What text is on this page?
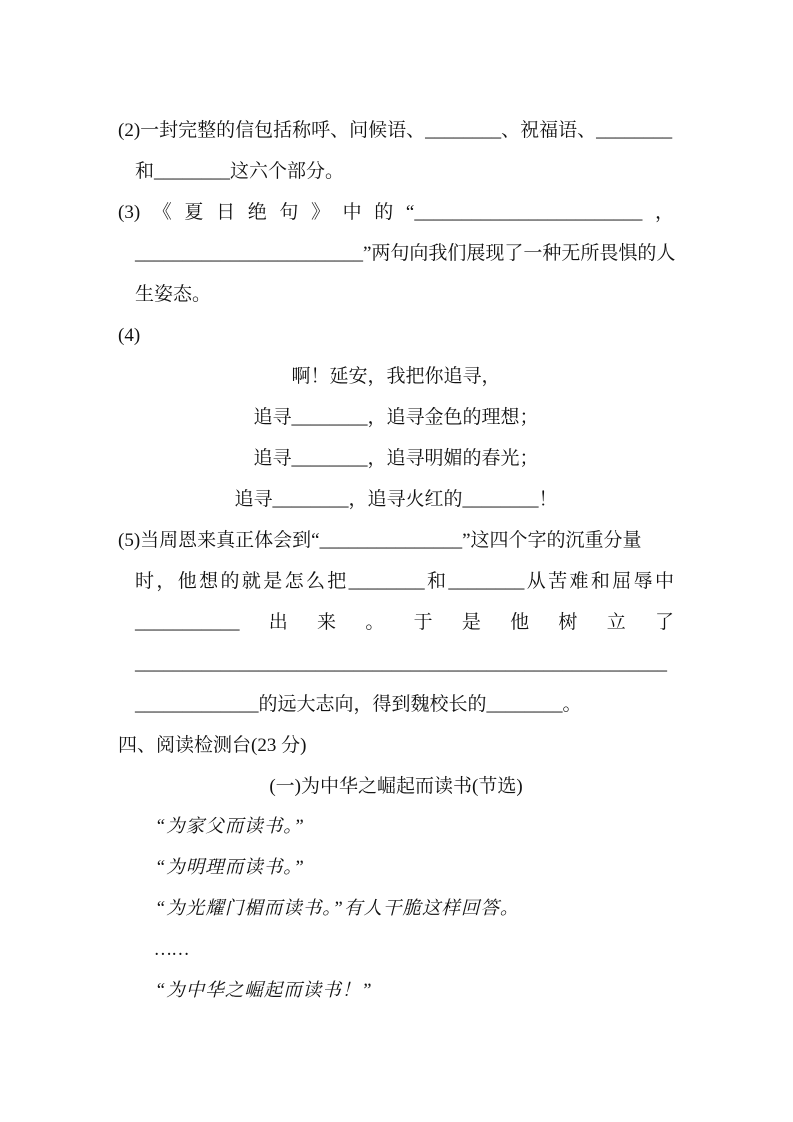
(2)一封完整的信包括称呼、问候语、________、祝福语、________
和________这六个部分。
(3)《夏日绝句》中的“________________________，
________________________”两句向我们展现了一种无所畏惧的人
生姿态。
(4)
啊！延安，我把你追寻，
追寻________，追寻金色的理想；
追寻________，追寻明媚的春光；
追寻________，追寻火红的________！
(5)当周恩来真正体会到“_______________”这四个字的沉重分量
时，他想的就是怎么把________和________从苦难和屈辱中
___________出来。于是他树立了
________________________________________________________
_____________的远大志向，得到魏校长的________。
四、阅读检测台(23 分)
(一)为中华之崛起而读书(节选)
“为家父而读书。”
“为明理而读书。”
“为光耀门楣而读书。”有人干脆这样回答。
……
“为中华之崛起而读书！”
